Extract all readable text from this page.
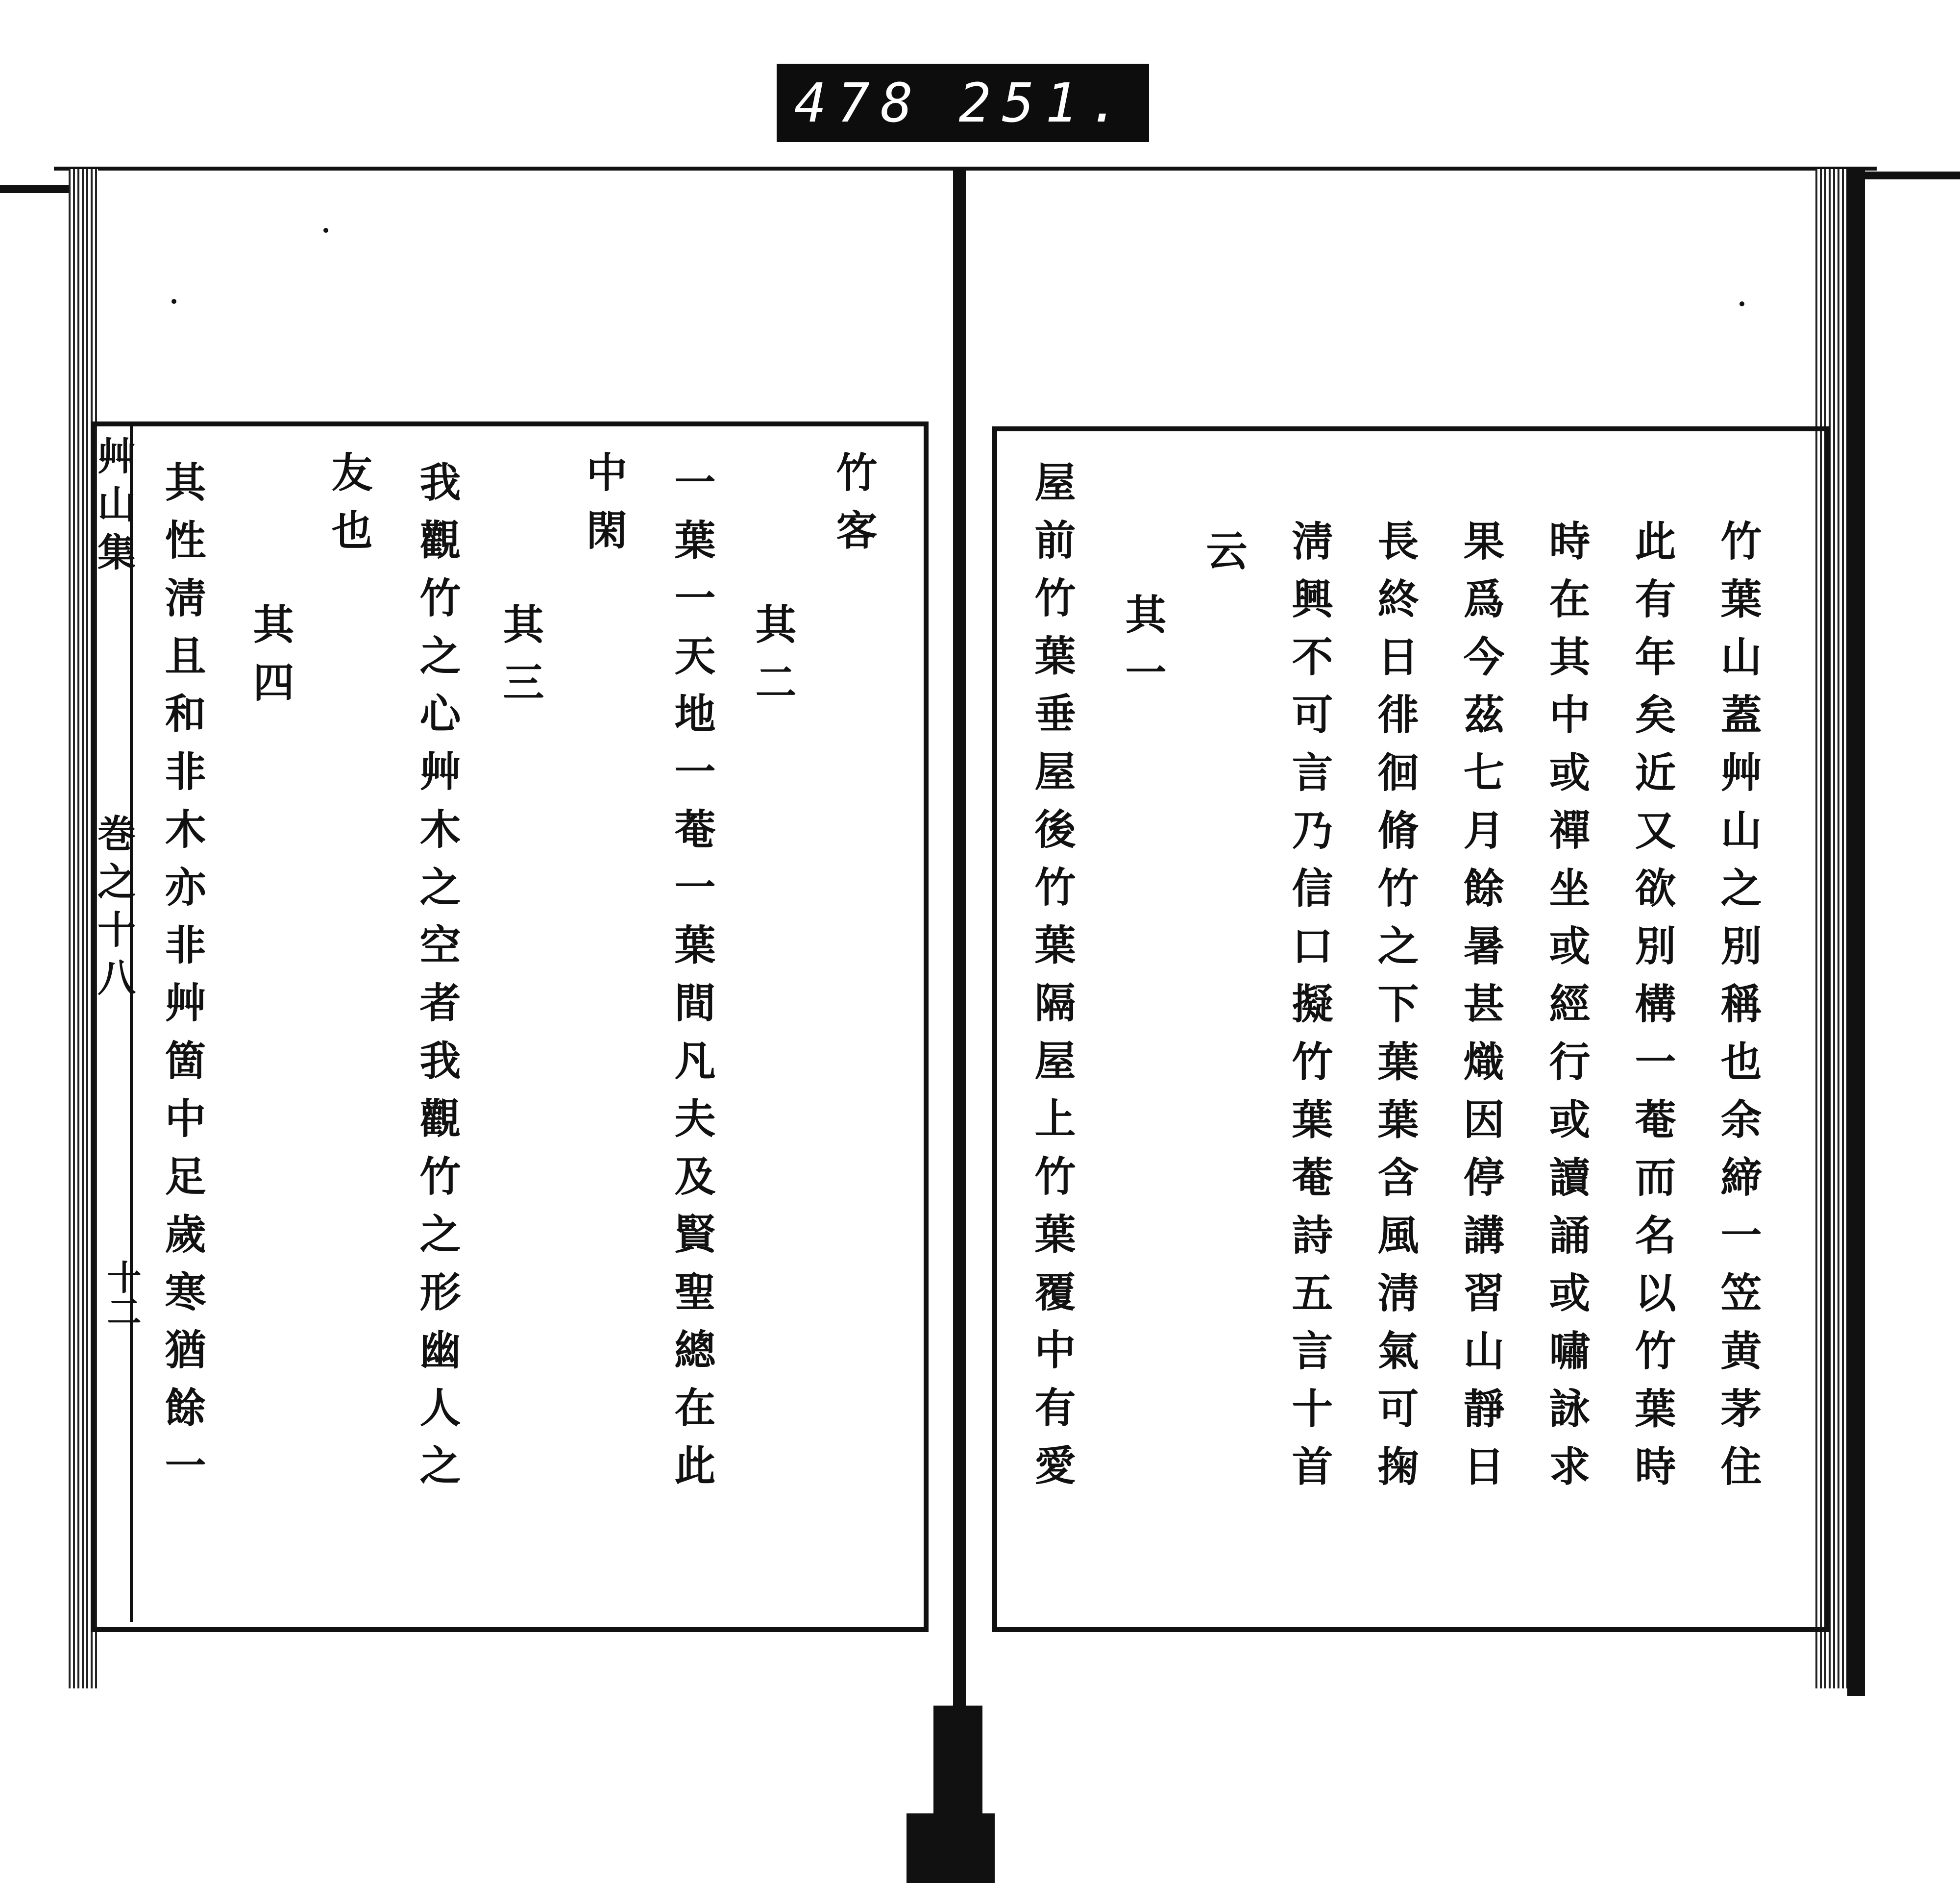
478 251.
艸山集
巻之十八
十二
竹客
其二
一葉一天地一菴一葉間凡夫及賢聖總在此
中閑
其三
我觀竹之心艸木之空者我觀竹之形幽人之
友也
其四
其性淸且和非木亦非艸箇中足歲寒猶餘一	竹葉山蓋艸山之別稱也余締一笠黄茅住
此有年矣近又欲別構一菴而名以竹葉時
時在其中或禪坐或經行或讀誦或嘯詠求
果爲今茲七月餘暑甚熾因停講習山靜日
長終日徘徊脩竹之下葉葉含風淸氣可掬
淸興不可言乃信口擬竹葉菴詩五言十首
云
其一
屋前竹葉垂屋後竹葉隔屋上竹葉覆中有愛
